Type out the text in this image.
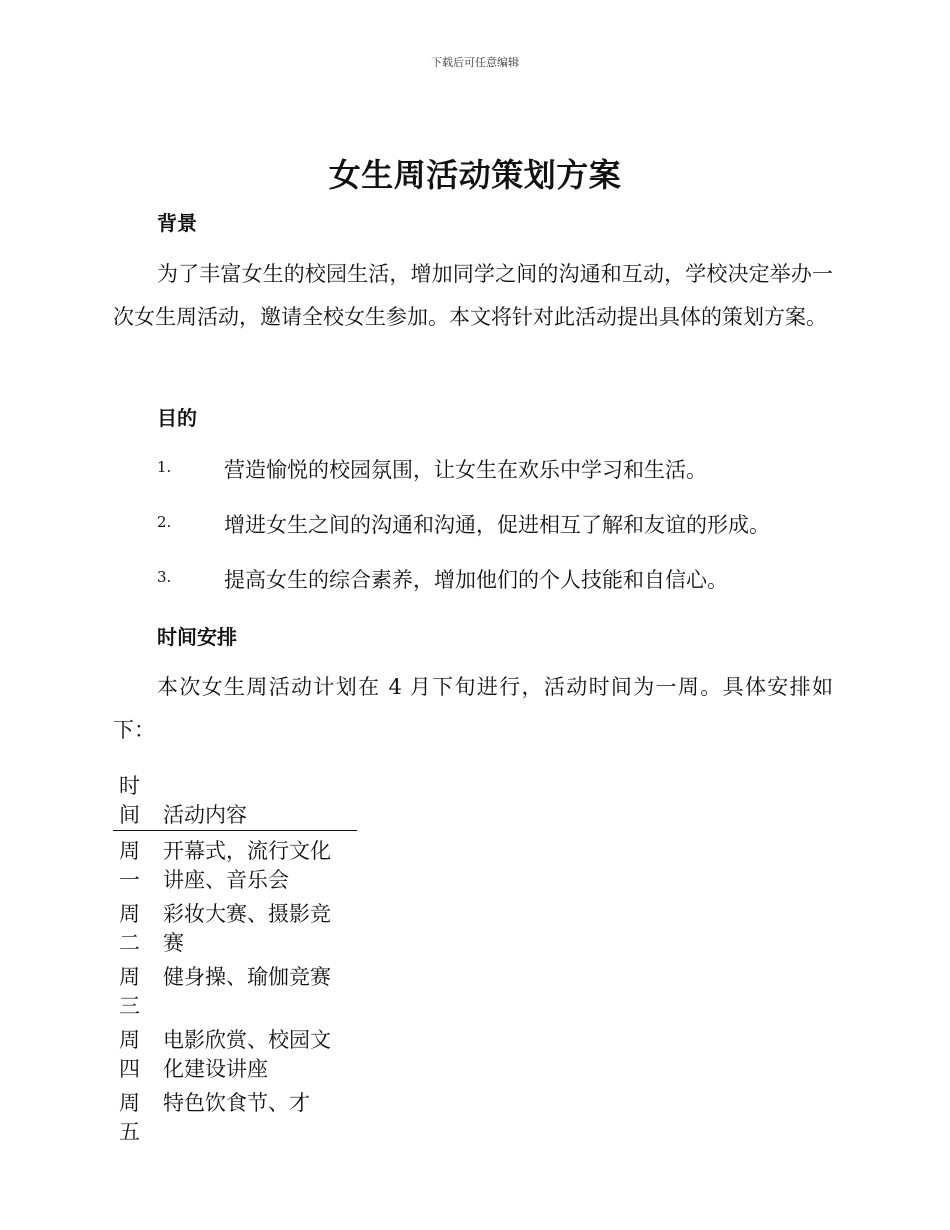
下载后可任意编辑
女生周活动策划方案
背景
为了丰富女生的校园生活，增加同学之间的沟通和互动，学校决定举办一次女生周活动，邀请全校女生参加。本文将针对此活动提出具体的策划方案。
目的
1.	营造愉悦的校园氛围，让女生在欢乐中学习和生活。
2.	增进女生之间的沟通和沟通，促进相互了解和友谊的形成。
3.	提高女生的综合素养，增加他们的个人技能和自信心。
时间安排
本次女生周活动计划在 4 月下旬进行，活动时间为一周。具体安排如下：
时间	活动内容
周一	开幕式，流行文化讲座、音乐会
周二	彩妆大赛、摄影竞赛
周三	健身操、瑜伽竞赛
周四	电影欣赏、校园文化建设讲座
周五	特色饮食节、才
